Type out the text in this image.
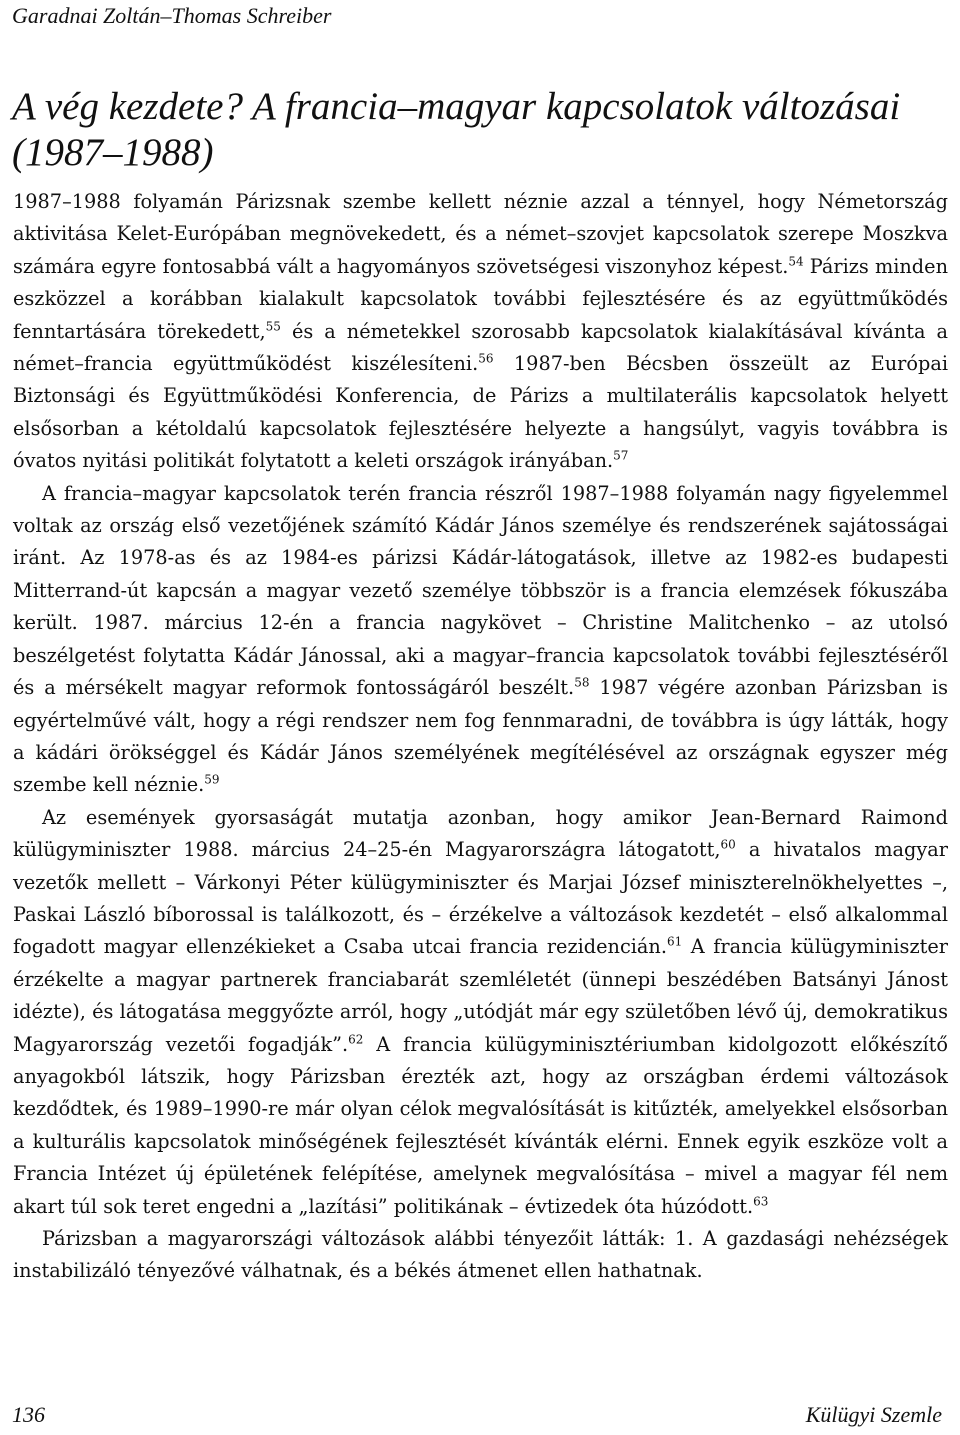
Garadnai Zoltán–Thomas Schreiber
A vég kezdete? A francia–magyar kapcsolatok változásai (1987–1988)

1987–1988 folyamán Párizsnak szembe kellett néznie azzal a ténnyel, hogy Németország aktivitása Kelet-Európában megnövekedett, és a német–szovjet kapcsolatok szerepe Moszkva számára egyre fontosabbá vált a hagyományos szövetségesi viszonyhoz képest.$^{54}$ Párizs minden eszközzel a korábban kialakult kapcsolatok további fejlesztésére és az együttműködés fenntartására törekedett,$^{55}$ és a németekkel szorosabb kapcsolatok kialakításával kívánta a német–francia együttműködést kiszélesíteni.$^{56}$ 1987-ben Bécsben összeült az Európai Biztonsági és Együttműködési Konferencia, de Párizs a multilaterális kapcsolatok helyett elsősorban a kétoldalú kapcsolatok fejlesztésére helyezte a hangsúlyt, vagyis továbbra is óvatos nyitási politikát folytatott a keleti országok irányában.$^{57}$

A francia–magyar kapcsolatok terén francia részről 1987–1988 folyamán nagy figyelemmel voltak az ország első vezetőjének számító Kádár János személye és rendszerének sajátosságai iránt. Az 1978-as és az 1984-es párizsi Kádár-látogatások, illetve az 1982-es budapesti Mitterrand-út kapcsán a magyar vezető személye többször is a francia elemzések fókuszába került. 1987. március 12-én a francia nagykövet – Christine Malitchenko – az utolsó beszélgetést folytatta Kádár Jánossal, aki a magyar–francia kapcsolatok további fejlesztéséről és a mérsékelt magyar reformok fontosságáról beszélt.$^{58}$ 1987 végére azonban Párizsban is egyértelművé vált, hogy a régi rendszer nem fog fennmaradni, de továbbra is úgy látták, hogy a kádári örökséggel és Kádár János személyének megítélésével az országnak egyszer még szembe kell néznie.$^{59}$

Az események gyorsaságát mutatja azonban, hogy amikor Jean-Bernard Raimond külügyminiszter 1988. március 24–25-én Magyarországra látogatott,$^{60}$ a hivatalos magyar vezetők mellett – Várkonyi Péter külügyminiszter és Marjai József miniszterelnökhelyettes –, Paskai László bíborossal is találkozott, és – érzékelve a változások kezdetét – első alkalommal fogadott magyar ellenzékieket a Csaba utcai francia rezidencián.$^{61}$ A francia külügyminiszter érzékelte a magyar partnerek franciabarát szemléletét (ünnepi beszédében Batsányi Jánost idézte), és látogatása meggyőzte arról, hogy „utódját már egy születőben lévő új, demokratikus Magyarország vezetői fogadják”.$^{62}$ A francia külügyminisztériumban kidolgozott előkészítő anyagokból látszik, hogy Párizsban érezték azt, hogy az országban érdemi változások kezdődtek, és 1989–1990-re már olyan célok megvalósítását is kitűzték, amelyekkel elsősorban a kulturális kapcsolatok minőségének fejlesztését kívánták elérni. Ennek egyik eszköze volt a Francia Intézet új épületének felépítése, amelynek megvalósítása – mivel a magyar fél nem akart túl sok teret engedni a „lazítási” politikának – évtizedek óta húzódott.$^{63}$

Párizsban a magyarországi változások alábbi tényezőit látták: 1. A gazdasági nehézségek instabilizáló tényezővé válhatnak, és a békés átmenet ellen hathatnak.

136	Külügyi Szemle
